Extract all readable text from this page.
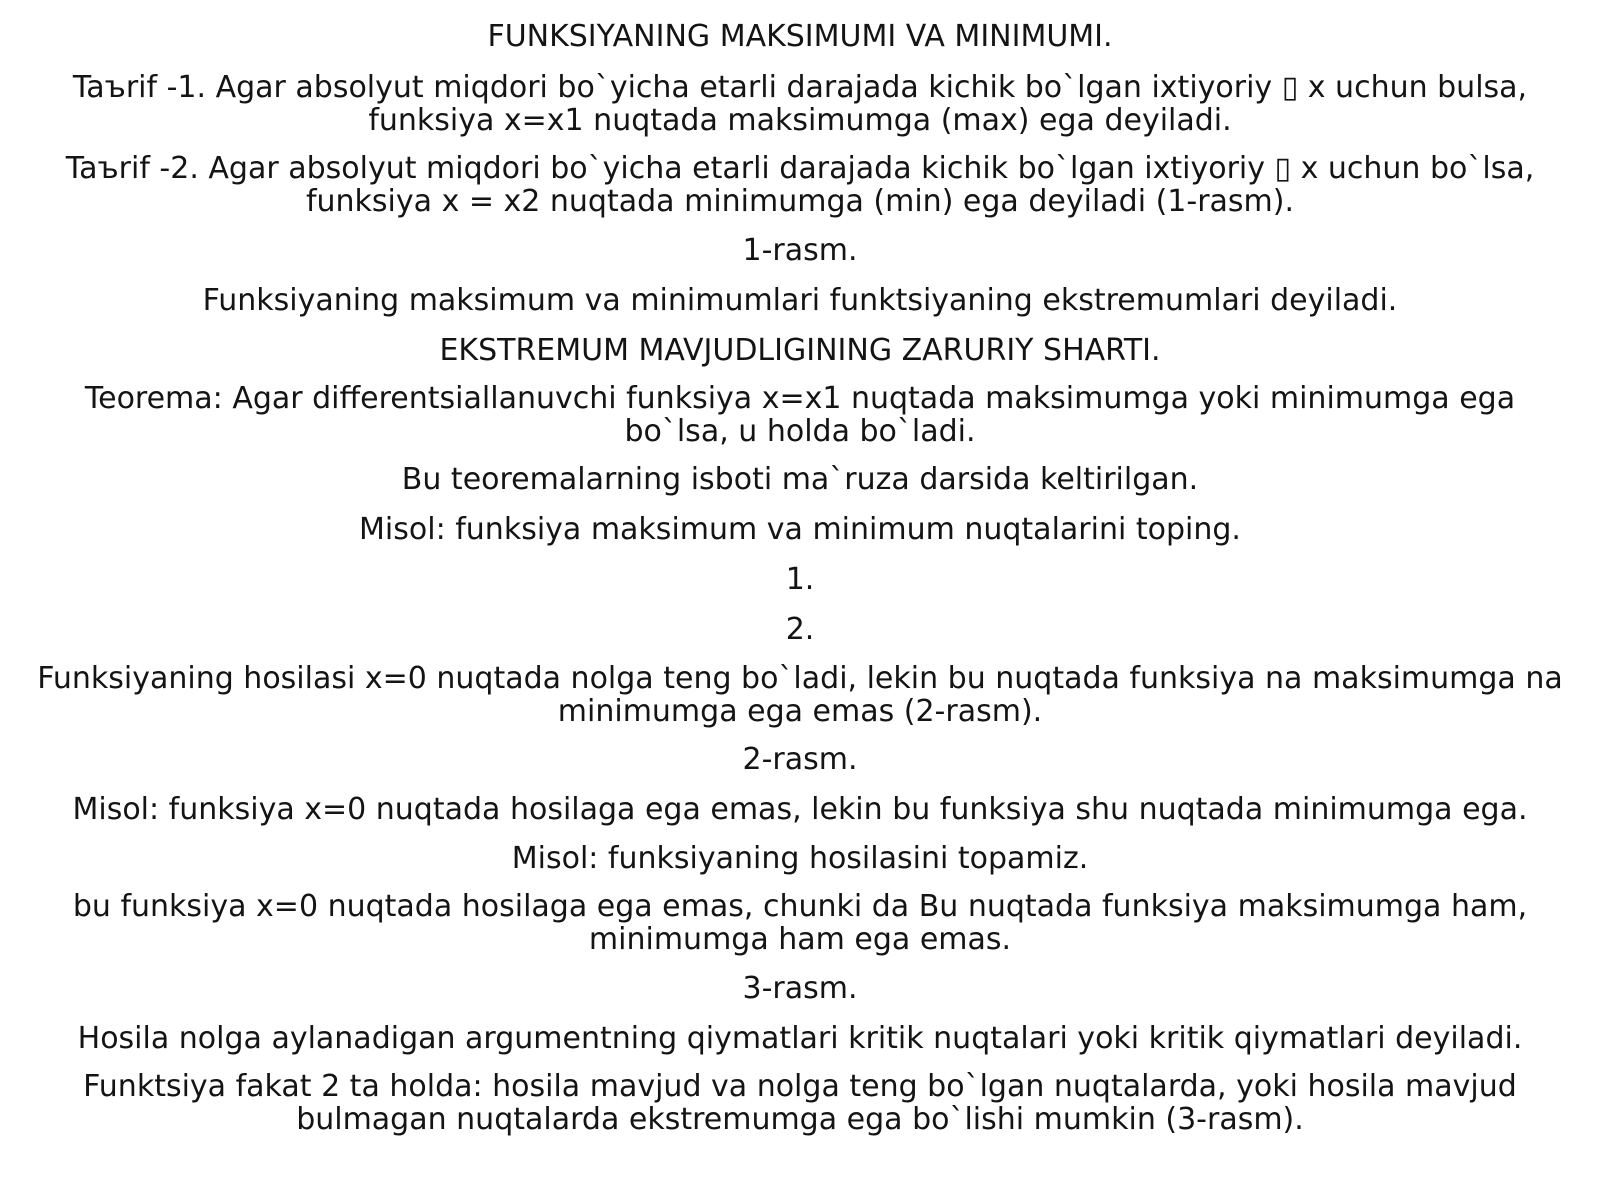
FUNKSIYANING MAKSIMUMI VA MINIMUMI.
Taъrif -1. Agar absolyut miqdori bo`yicha etarli darajada kichik bo`lgan ixtiyoriy ▯ x uchun bulsa,
funksiya x=x1 nuqtada maksimumga (max) ega deyiladi.
Taъrif -2. Agar absolyut miqdori bo`yicha etarli darajada kichik bo`lgan ixtiyoriy ▯ x uchun bo`lsa,
funksiya x = x2 nuqtada minimumga (min) ega deyiladi (1-rasm).
1-rasm.
Funksiyaning maksimum va minimumlari funktsiyaning ekstremumlari deyiladi.
EKSTREMUM MAVJUDLIGINING ZARURIY SHARTI.
Teorema: Agar differentsiallanuvchi funksiya x=x1 nuqtada maksimumga yoki minimumga ega
bo`lsa, u holda bo`ladi.
Bu teoremalarning isboti ma`ruza darsida keltirilgan.
Misol: funksiya maksimum va minimum nuqtalarini toping.
1.
2.
Funksiyaning hosilasi x=0 nuqtada nolga teng bo`ladi, lekin bu nuqtada funksiya na maksimumga na
minimumga ega emas (2-rasm).
2-rasm.
Misol: funksiya x=0 nuqtada hosilaga ega emas, lekin bu funksiya shu nuqtada minimumga ega.
Misol: funksiyaning hosilasini topamiz.
bu funksiya x=0 nuqtada hosilaga ega emas, chunki da Bu nuqtada funksiya maksimumga ham,
minimumga ham ega emas.
3-rasm.
Hosila nolga aylanadigan argumentning qiymatlari kritik nuqtalari yoki kritik qiymatlari deyiladi.
Funktsiya fakat 2 ta holda: hosila mavjud va nolga teng bo`lgan nuqtalarda, yoki hosila mavjud
bulmagan nuqtalarda ekstremumga ega bo`lishi mumkin (3-rasm).
